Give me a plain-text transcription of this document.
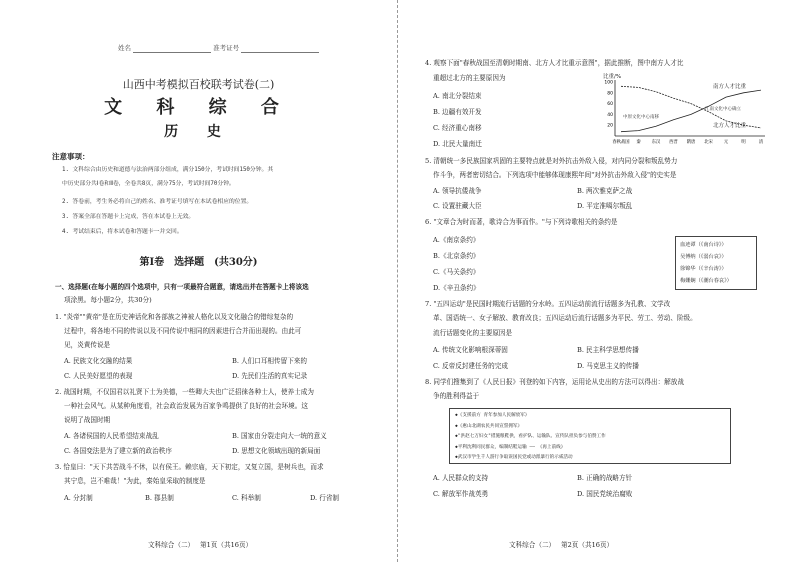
姓名	准考证号
山西中考模拟百校联考试卷(二)
文 科 综 合
历 史
注意事项：
1. 文科综合由历史和道德与法治两部分组成，满分150分，考试时间150分钟。其
中历史部分共Ⅰ卷和Ⅱ卷，全卷共8页，满分75分，考试时间70分钟。
2. 答卷前，考生务必将自己的姓名、准考证号填写在本试卷相应的位置。
3. 答案全部在答题卡上完成，答在本试卷上无效。
4. 考试结束后，将本试卷和答题卡一并交回。
第Ⅰ卷　选择题　(共30分)
一、选择题(在每小题的四个选项中，只有一项最符合题意，请选出并在答题卡上将该选
项涂黑。每小题2分，共30分)
1. "炎帝""黄帝"是在历史神话化和各部族之神被人格化以及文化融合的错综复杂的
过程中，将各地不同的传说以及不同传说中相同的因素进行合并而出现的。由此可
见，炎黄传说是
A. 民族文化交融的结果	B. 人们口耳相传留下来的
C. 人民美好愿望的表现	D. 先民们生活的真实记录
2. 战国时期，不仅国君以礼贤下士为美德，一些卿大夫也广泛招徕各种士人，使养士成为
一种社会风气。从某种角度看，社会政治发展为百家争鸣提供了良好的社会环境。这
说明了战国时期
A. 各诸侯国的人民希望结束战乱	B. 国家由分裂走向大一统的意义
C. 各国变法是为了建立新的政治秩序	D. 思想文化领域出现的新局面
3. 恰皇曰："天下共苦战斗不休，以有侯王。赖宗庙，天下初定，又复立国，是树兵也，而求
其宁息，岂不难哉！"为此，秦始皇采取的制度是
A. 分封制	B. 郡县制	C. 科举制	D. 行省制
文科综合（二） 第1页（共16页）
4. 观察下面"春秋战国至清朝时期南、北方人才比重示意图"，据此推断，图中南方人才比
重超过北方的主要原因为
A. 南北分裂结束
B. 边疆有效开发
C. 经济重心南移
D. 北民大量南迁
比重/%
100
80
60
40
20
春秋战国 秦	东汉 西晋 隋唐 北宋	元	明	清
中原文化中心南移
江南文化中心确立
南方人才比重
北方人才比重
5. 清朝统一多民族国家巩固的主要特点就是对外抗击外敌入侵，对内同分裂和叛乱势力
作斗争，两者密切结合。下列选项中能够体现康熙年间"对外抗击外敌入侵"的史实是
A. 领导抗倭战争	B. 两次雅克萨之战
C. 设置驻藏大臣	D. 平定准噶尔叛乱
6. "文章合为时而著，歌诗合为事而作。"与下列诗歌相关的条约是
A.《南京条约》
B.《北京条约》
C.《马关条约》
D.《辛丑条约》
血迹谭（《南台诗》）
吴傅纳（《弱台哀》）
徐锦华（《辛台涛》）
梅姗娴（《潮台春哀》）
7. "五四运动"是民国时期流行话题的分水岭。五四运动前流行话题多为孔教、文学改
革、国语统一、女子解放、教育改良；五四运动后流行话题多为平民、劳工、劳动、阶级。
流行话题变化的主要原因是
A. 传统文化影响根深蒂固	B. 民主科学思想传播
C. 反帝反封建任务的完成	D. 马克思主义的传播
8. 同学们搜集到了《人民日报》刊登的如下内容，运用论从史出的方法可以得出：解放战
争的胜利得益于
◆《支援前方 青年参加人民解放军》
◆《惠山北湖农民共同宣誓拥军》
◆"洪赵七万妇女"措施粮鞋供，看护队、运输队、宣传队担负参与伯赞工作
◆平利沈利同民群众，编制结鞋运输 —— 《再上前线》
◆武汉市学生千人游行争取误国民党或动派暴行的示威活动
A. 人民群众的支持	B. 正确的战略方针
C. 解放军作战英勇	D. 国民党统治腐败
文科综合（二） 第2页（共16页）
